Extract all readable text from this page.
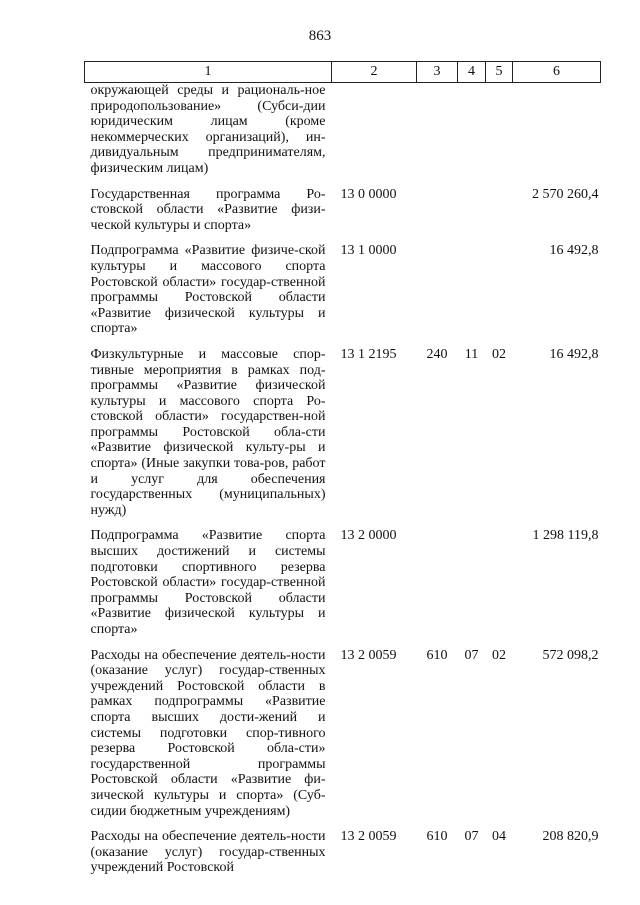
863
1	2	3	4	5	6
окружающей среды и рациональ-ное природопользование» (Субси-дии юридическим лицам (кроме некоммерческих организаций), ин-дивидуальным предпринимателям, физическим лицам)					

Государственная программа Ро-стовской области «Развитие физи-ческой культуры и спорта»	13 0 0000				2 570 260,4

Подпрограмма «Развитие физиче-ской культуры и массового спорта Ростовской области» государ-ственной программы Ростовской области «Развитие физической культуры и спорта»	13 1 0000				16 492,8

Физкультурные и массовые спор-тивные мероприятия в рамках под-программы «Развитие физической культуры и массового спорта Ро-стовской области» государствен-ной программы Ростовской обла-сти «Развитие физической культу-ры и спорта» (Иные закупки това-ров, работ и услуг для обеспечения государственных (муниципальных) нужд)	13 1 2195	240	11	02	16 492,8

Подпрограмма «Развитие спорта высших достижений и системы подготовки спортивного резерва Ростовской области» государ-ственной программы Ростовской области «Развитие физической культуры и спорта»	13 2 0000				1 298 119,8

Расходы на обеспечение деятель-ности (оказание услуг) государ-ственных учреждений Ростовской области в рамках подпрограммы «Развитие спорта высших дости-жений и системы подготовки спор-тивного резерва Ростовской обла-сти» государственной программы Ростовской области «Развитие фи-зической культуры и спорта» (Суб-сидии бюджетным учреждениям)	13 2 0059	610	07	02	572 098,2

Расходы на обеспечение деятель-ности (оказание услуг) государ-ственных учреждений Ростовской	13 2 0059	610	07	04	208 820,9
